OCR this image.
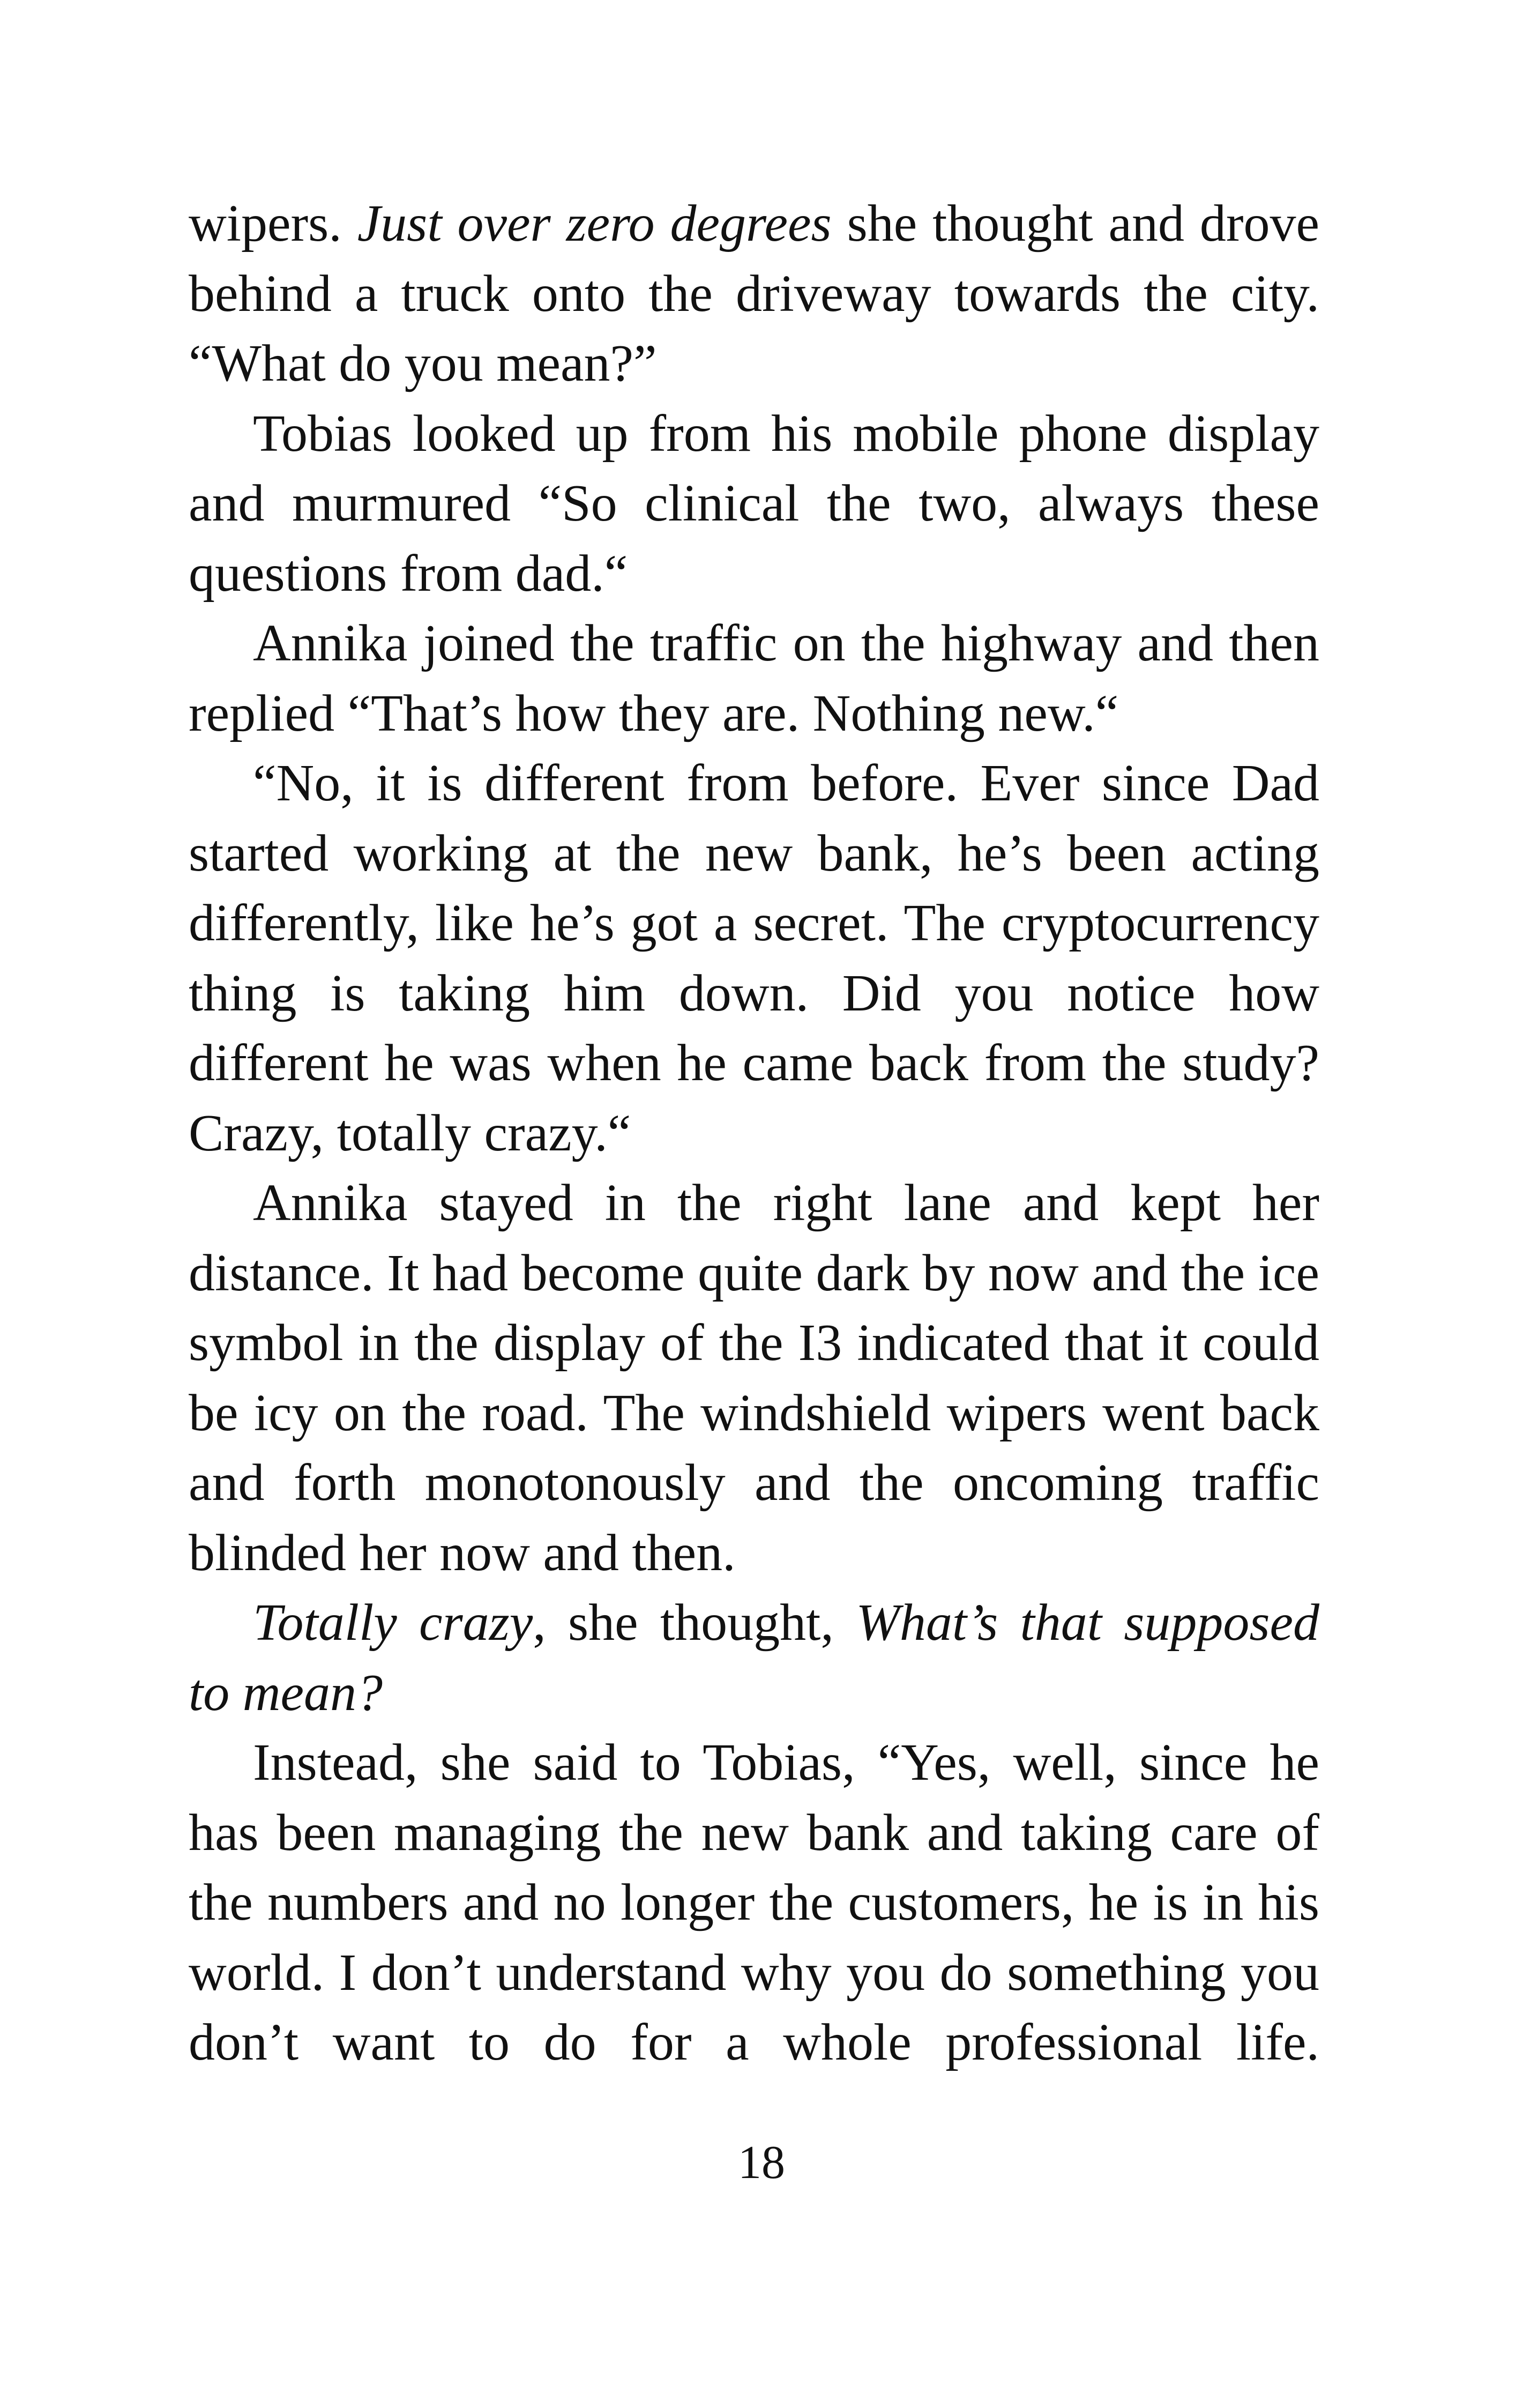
wipers. Just over zero degrees she thought and drove behind a truck onto the driveway towards the city. “What do you mean?”

Tobias looked up from his mobile phone display and murmured “So clinical the two, always these questions from dad.“

Annika joined the traffic on the highway and then replied “That’s how they are. Nothing new.“

“No, it is different from before. Ever since Dad started working at the new bank, he’s been acting differently, like he’s got a secret. The cryptocurrency thing is taking him down. Did you notice how different he was when he came back from the study? Crazy, totally crazy.“

Annika stayed in the right lane and kept her distance. It had become quite dark by now and the ice symbol in the display of the I3 indicated that it could be icy on the road. The windshield wipers went back and forth monotonously and the oncoming traffic blinded her now and then.

Totally crazy, she thought, What’s that supposed to mean?

Instead, she said to Tobias, “Yes, well, since he has been managing the new bank and taking care of the numbers and no longer the customers, he is in his world. I don’t understand why you do something you don’t want to do for a whole professional life.

18
